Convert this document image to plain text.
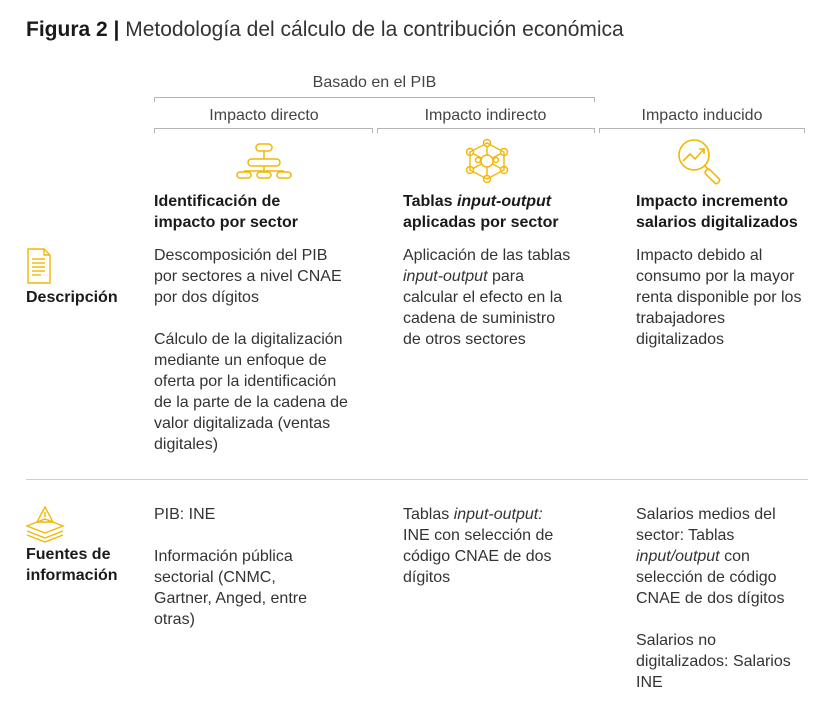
Figura 2 | Metodología del cálculo de la contribución económica
Basado en el PIB
Impacto directo	Impacto indirecto	Impacto inducido
Identificación de
impacto por sector
Tablas input-output
aplicadas por sector
Impacto incremento
salarios digitalizados
Descripción

Descomposición del PIB por sectores a nivel CNAE por dos dígitos

Cálculo de la digitalización mediante un enfoque de oferta por la identificación de la parte de la cadena de valor digitalizada (ventas digitales)

Aplicación de las tablas input-output para calcular el efecto en la cadena de suministro de otros sectores
Impacto debido al consumo por la mayor renta disponible por los trabajadores digitalizados
Fuentes de
información

PIB: INE

Información pública sectorial (CNMC, Gartner, Anged, entre otras)

Tablas input-output: INE con selección de código CNAE de dos dígitos

Salarios medios del sector: Tablas input/output con selección de código CNAE de dos dígitos

Salarios no digitalizados: Salarios INE
